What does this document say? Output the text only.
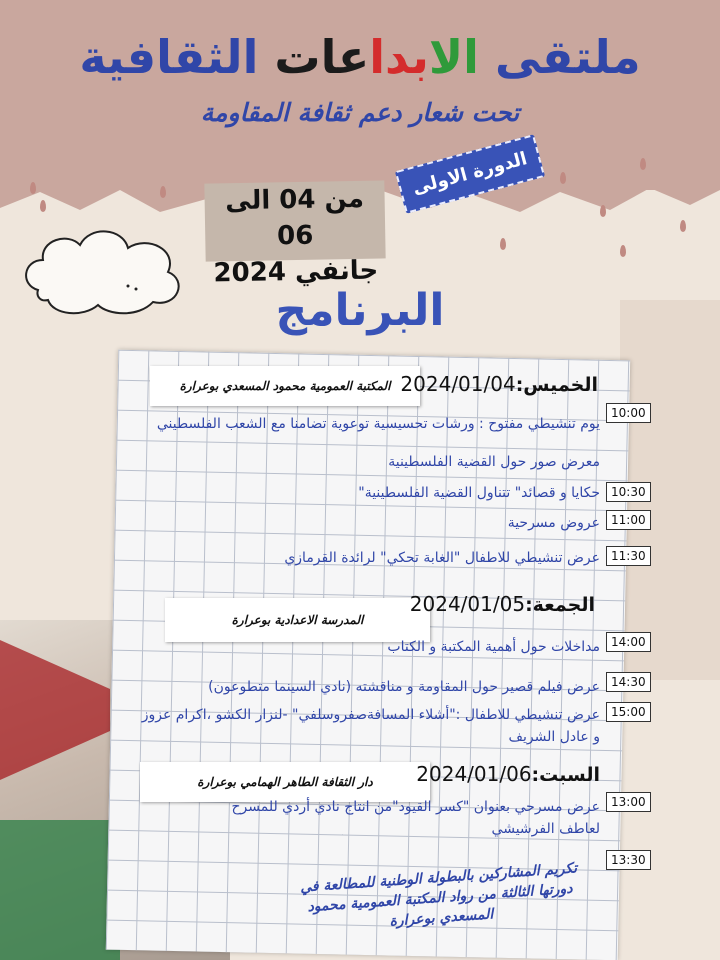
ملتقى الابداعات الثقافية
تحت شعار دعم ثقافة المقاومة
من 04 الى 06
جانفي 2024
الدورة الاولى
البرنامج
المكتبة العمومية محمود المسعدي بوعرارة	الخميس:2024/01/04
10:00
يوم تنشيطي مفتوح : ورشات تحسيسية توعوية تضامنا مع الشعب الفلسطيني
معرض صور حول القضية الفلسطينية
10:30
حكايا و قصائد" تتناول القضية الفلسطينية"
11:00
عروض مسرحية
11:30
عرض تنشيطي للاطفال "الغابة تحكي" لرائدة القرمازي
المدرسة الاعدادية بوعرارة
الجمعة:2024/01/05
14:00
مداخلات حول أهمية المكتبة و الكتاب
14:30
عرض فيلم قصير حول المقاومة و مناقشته (نادي السينما متطوعون)
15:00
عرض تنشيطي للاطفال :"أشلاء المسافةصفروسلفي" -لنزار الكشو ،اكرام عزوز و عادل الشريف
دار الثقافة الطاهر الهمامي بوعرارة	السبت:2024/01/06
13:00
عرض مسرحي بعنوان "كسر القيود"من انتاج نادي أردي للمسرح لعاطف الفرشيشي
13:30
تكريم المشاركين بالبطولة الوطنية للمطالعة في دورتها الثالثة من رواد المكتبة العمومية محمود المسعدي بوعرارة
